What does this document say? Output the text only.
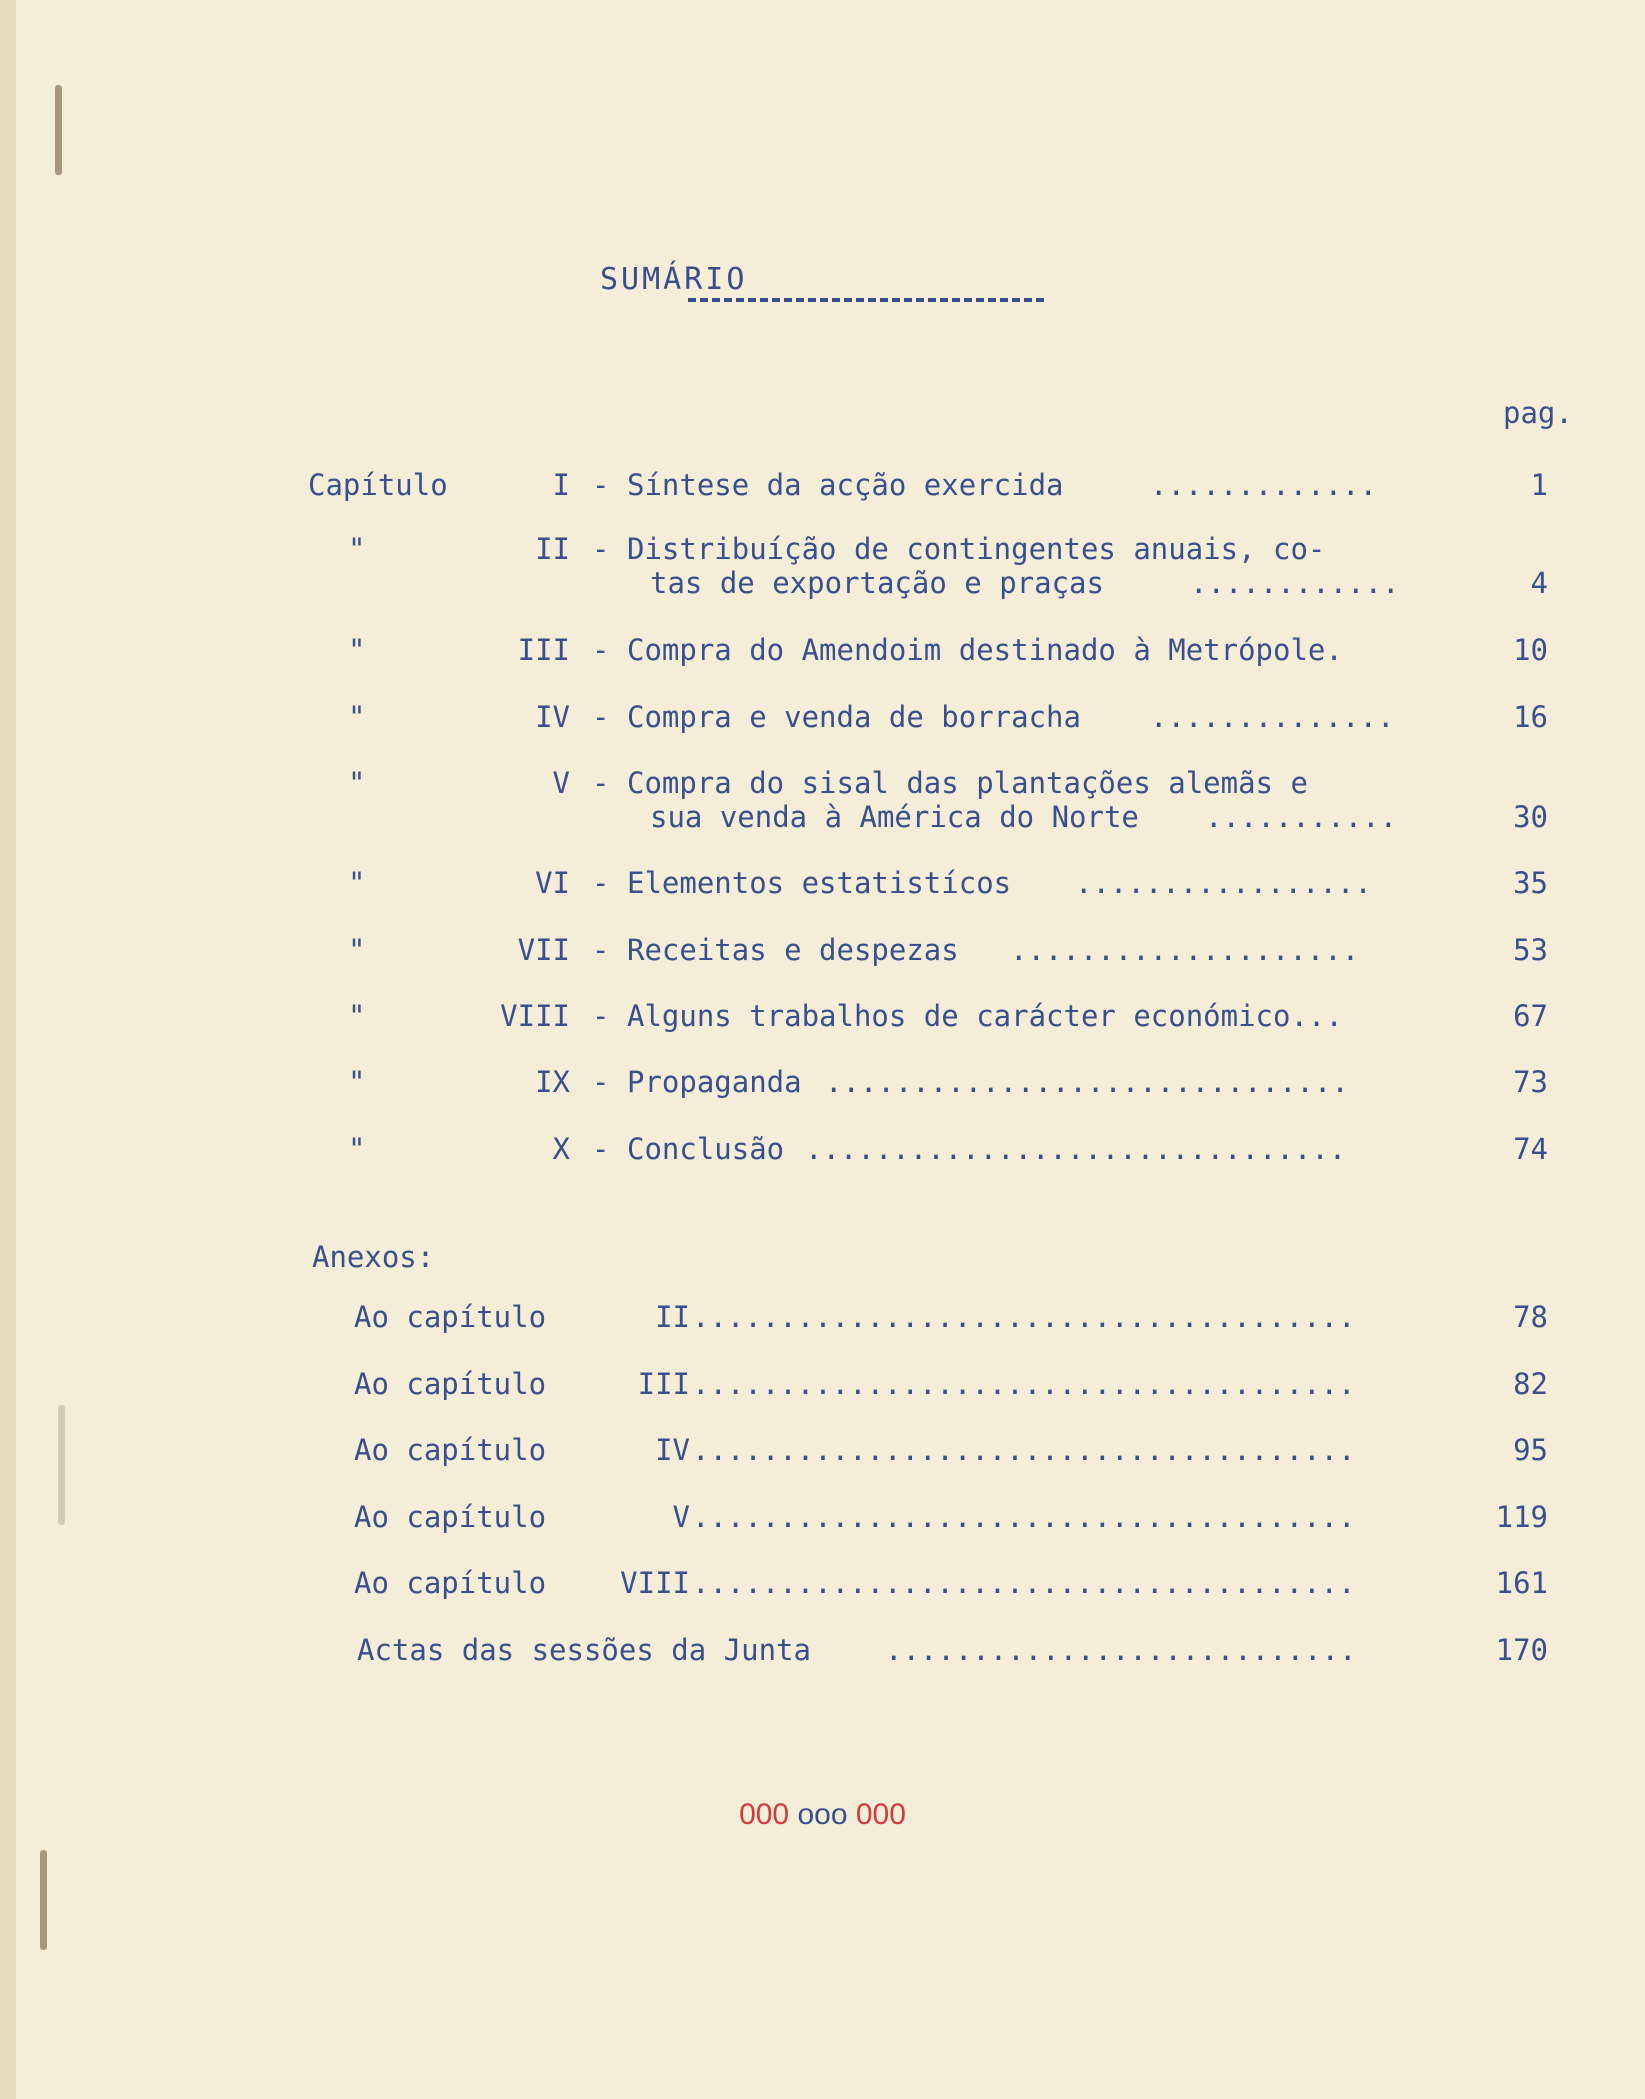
SUMÁRIO
pag.
Capítulo	I - Síntese da acção exercida	.............	1
"	II - Distribuíção de contingentes anuais, co-
tas de exportação e praças	............	4
"	III - Compra do Amendoim destinado à Metrópole.	10
"	IV - Compra e venda de borracha ..............	16
"	V - Compra do sisal das plantações alemãs e
sua venda à América do Norte ...........	30
"	VI - Elementos estatistícos .................	35
"	VII - Receitas e despezas ....................	53
"	VIII - Alguns trabalhos de carácter económico...	67
"	IX - Propaganda ..............................	73
"	X - Conclusão ...............................	74
Anexos:
Ao capítulo	II ......................................	78
Ao capítulo	III ......................................	82
Ao capítulo	IV ......................................	95
Ao capítulo	V ......................................	119
Ao capítulo	VIII ......................................	161
Actas das sessões da Junta	...........................	170
000 ooo 000
